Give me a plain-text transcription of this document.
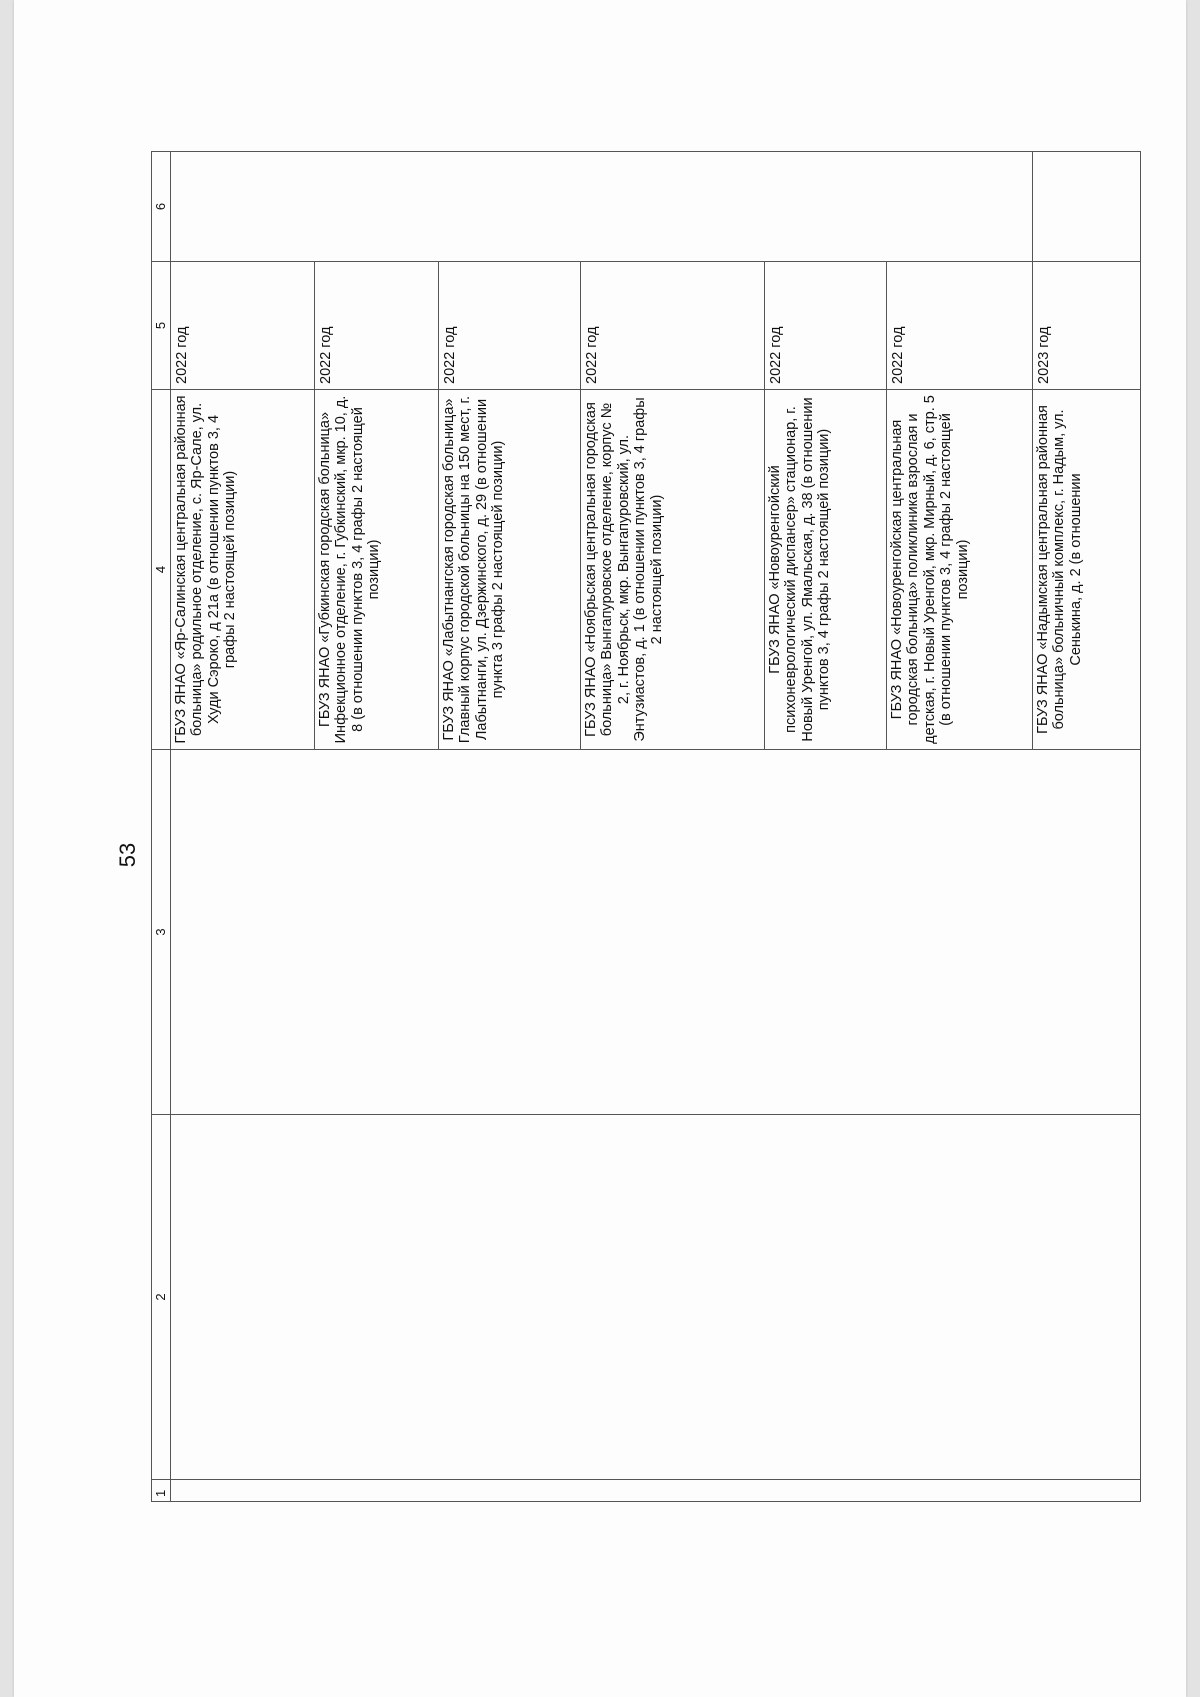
53
1	2	3	4	5	6
			ГБУЗ ЯНАО «Яр-Салинская центральная районная больница» родильное отделение, с. Яр-Сале, ул. Худи Сэроко, д 21а (в отношении пунктов 3, 4 графы 2 настоящей позиции)	2022 год	
			ГБУЗ ЯНАО «Губкинская городская больница» Инфекционное отделение, г. Губкинский, мкр. 10, д. 8 (в отношении пунктов 3, 4 графы 2 настоящей позиции)	2022 год	
			ГБУЗ ЯНАО «Лабытнангская городская больница» Главный корпус городской больницы на 150 мест, г. Лабытнанги, ул. Дзержинского, д. 29 (в отношении пункта 3 графы 2 настоящей позиции)	2022 год	
			ГБУЗ ЯНАО «Ноябрьская центральная городская больница» Вынгапуровское отделение, корпус № 2, г. Ноябрьск, мкр. Вынгапуровский, ул. Энтузиастов, д. 1 (в отношении пунктов 3, 4 графы 2 настоящей позиции)	2022 год	
			ГБУЗ ЯНАО «Новоуренгойский психоневрологический диспансер» стационар, г. Новый Уренгой, ул. Ямальская, д. 38 (в отношении пунктов 3, 4 графы 2 настоящей позиции)	2022 год	
			ГБУЗ ЯНАО «Новоуренгойская центральная городская больница» поликлиника взрослая и детская, г. Новый Уренгой, мкр. Мирный, д. 6, стр. 5 (в отношении пунктов 3, 4 графы 2 настоящей позиции)	2022 год	
			ГБУЗ ЯНАО «Надымская центральная районная больница» больничный комплекс, г. Надым, ул. Сенькина, д. 2 (в отношении	2023 год	
